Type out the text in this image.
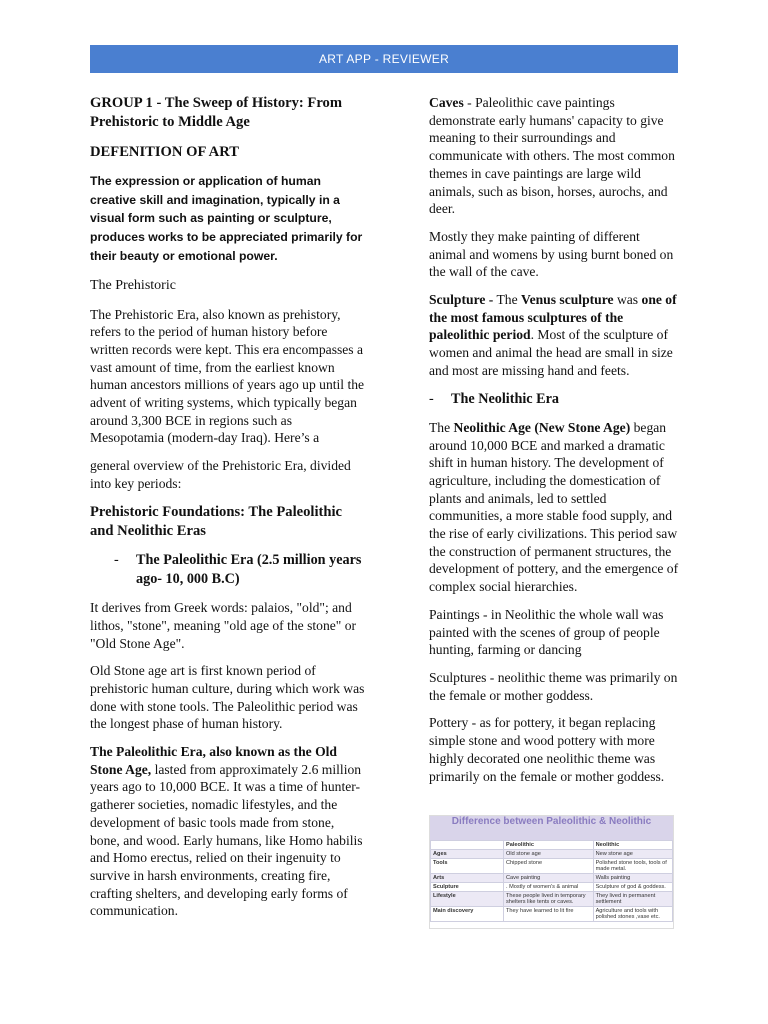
ART APP - REVIEWER
GROUP 1 - The Sweep of History: From Prehistoric to Middle Age
DEFENITION OF ART

The expression or application of human creative skill and imagination, typically in a visual form such as painting or sculpture, produces works to be appreciated primarily for their beauty or emotional power.

The Prehistoric

The Prehistoric Era, also known as prehistory, refers to the period of human history before written records were kept. This era encompasses a vast amount of time, from the earliest known human ancestors millions of years ago up until the advent of writing systems, which typically began around 3,300 BCE in regions such as Mesopotamia (modern-day Iraq). Here’s a

general overview of the Prehistoric Era, divided into key periods:

Prehistoric Foundations: The Paleolithic and Neolithic Eras
-	The Paleolithic Era (2.5 million years ago- 10, 000 B.C)

It derives from Greek words: palaios, "old"; and lithos, "stone", meaning "old age of the stone" or "Old Stone Age".

Old Stone age art is first known period of prehistoric human culture, during which work was done with stone tools. The Paleolithic period was the longest phase of human history.

The Paleolithic Era, also known as the Old Stone Age, lasted from approximately 2.6 million years ago to 10,000 BCE. It was a time of hunter-gatherer societies, nomadic lifestyles, and the development of basic tools made from stone, bone, and wood. Early humans, like Homo habilis and Homo erectus, relied on their ingenuity to survive in harsh environments, creating fire, crafting shelters, and developing early forms of communication.

Caves - Paleolithic cave paintings demonstrate early humans' capacity to give meaning to their surroundings and communicate with others. The most common themes in cave paintings are large wild animals, such as bison, horses, aurochs, and deer.

Mostly they make painting of different animal and womens by using burnt boned on the wall of the cave.

Sculpture - The Venus sculpture was one of the most famous sculptures of the paleolithic period. Most of the sculpture of women and animal the head are small in size and most are missing hand and feets.

-	The Neolithic Era

The Neolithic Age (New Stone Age) began around 10,000 BCE and marked a dramatic shift in human history. The development of agriculture, including the domestication of plants and animals, led to settled communities, a more stable food supply, and the rise of early civilizations. This period saw the construction of permanent structures, the development of pottery, and the emergence of complex social hierarchies.

Paintings - in Neolithic the whole wall was painted with the scenes of group of people hunting, farming or dancing

Sculptures - neolithic theme was primarily on the female or mother goddess.

Pottery - as for pottery, it began replacing simple stone and wood pottery with more highly decorated one neolithic theme was primarily on the female or mother goddess.

Difference between Paleolithic & Neolithic
	Paleolithic	Neolithic
Ages	Old stone age	New stone age
Tools	Chipped stone	Polished stone tools, tools of made metal.
Arts	Cave painting	Walls painting
Sculpture	. Mostly of women's & animal	Sculpture of god & goddess.
Lifestyle	These people lived in temporary shelters like tents or caves.	They lived in permanent settlement
Main discovery	They have learned to lit fire	Agriculture and tools with polished stones ,vase etc.
